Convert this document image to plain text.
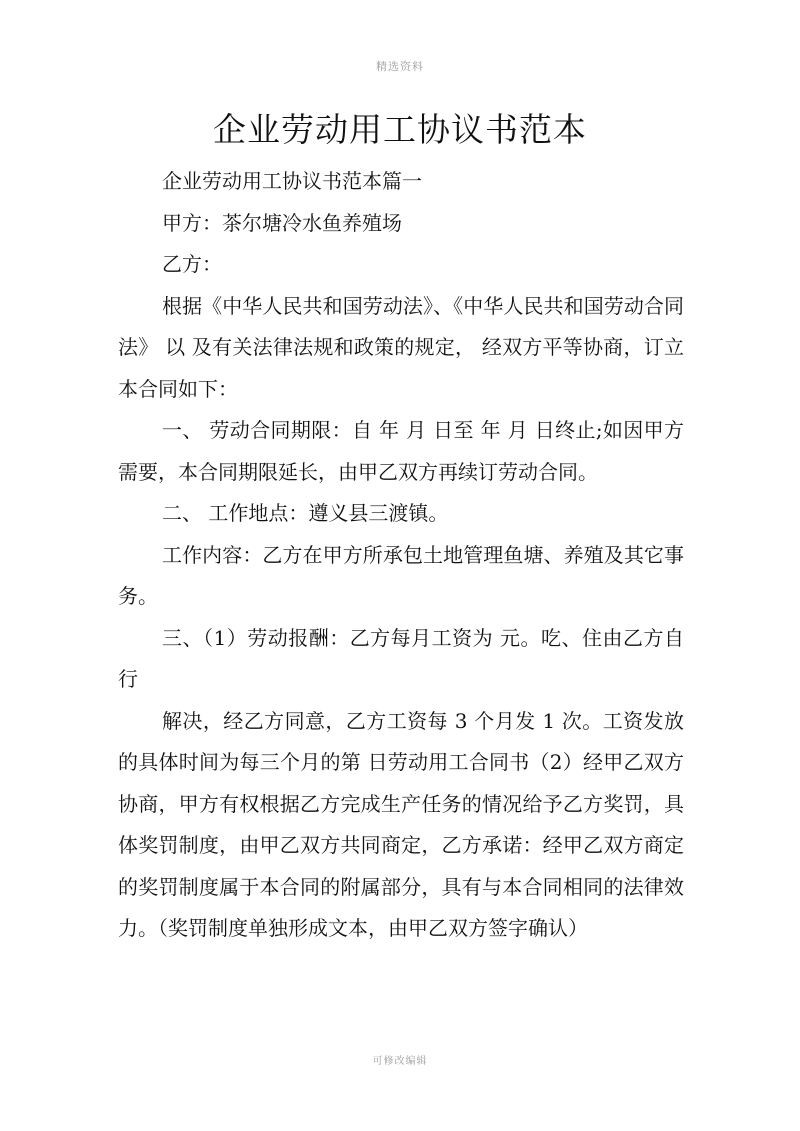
精选资料
企业劳动用工协议书范本

企业劳动用工协议书范本篇一

甲方：茶尔塘冷水鱼养殖场

乙方：

根据《中华人民共和国劳动法》、《中华人民共和国劳动合同法》 以 及有关法律法规和政策的规定， 经双方平等协商，订立本合同如下：

一、 劳动合同期限：自 年 月 日至 年 月 日终止;如因甲方需要，本合同期限延长，由甲乙双方再续订劳动合同。

二、 工作地点：遵义县三渡镇。

工作内容：乙方在甲方所承包土地管理鱼塘、养殖及其它事务。

三、（1）劳动报酬：乙方每月工资为 元。吃、住由乙方自行

解决，经乙方同意，乙方工资每 3 个月发 1 次。工资发放的具体时间为每三个月的第 日劳动用工合同书（2）经甲乙双方协商，甲方有权根据乙方完成生产任务的情况给予乙方奖罚，具体奖罚制度，由甲乙双方共同商定，乙方承诺：经甲乙双方商定的奖罚制度属于本合同的附属部分，具有与本合同相同的法律效力。（奖罚制度单独形成文本，由甲乙双方签字确认）

可修改编辑
